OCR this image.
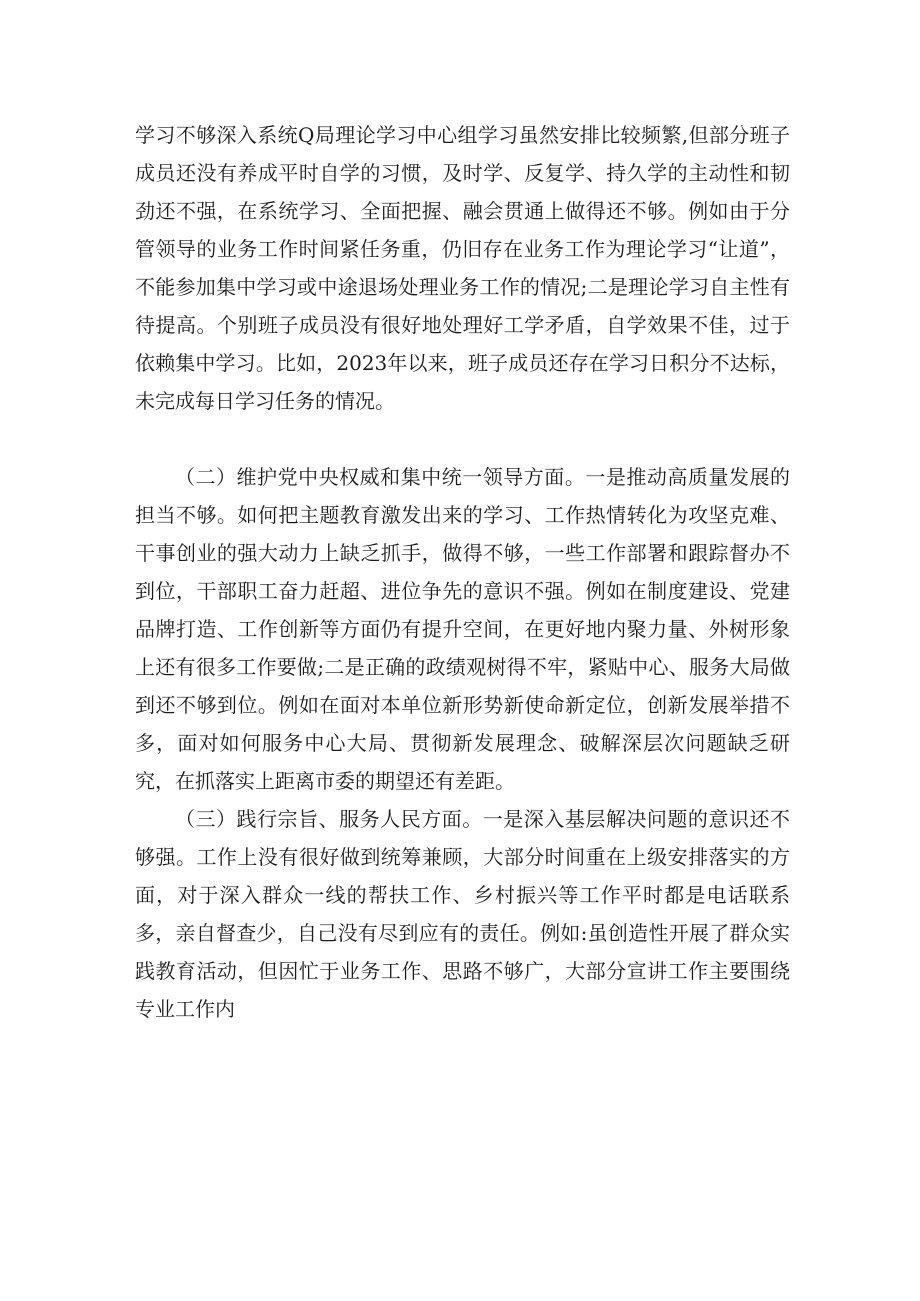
学习不够深入系统Q局理论学习中心组学习虽然安排比较频繁,但部分班子成员还没有养成平时自学的习惯，及时学、反复学、持久学的主动性和韧劲还不强，在系统学习、全面把握、融会贯通上做得还不够。例如由于分管领导的业务工作时间紧任务重，仍旧存在业务工作为理论学习“让道”，不能参加集中学习或中途退场处理业务工作的情况;二是理论学习自主性有待提高。个别班子成员没有很好地处理好工学矛盾，自学效果不佳，过于依赖集中学习。比如，2023年以来，班子成员还存在学习日积分不达标，未完成每日学习任务的情况。

（二）维护党中央权威和集中统一领导方面。一是推动高质量发展的担当不够。如何把主题教育激发出来的学习、工作热情转化为攻坚克难、干事创业的强大动力上缺乏抓手，做得不够，一些工作部署和跟踪督办不到位，干部职工奋力赶超、进位争先的意识不强。例如在制度建设、党建品牌打造、工作创新等方面仍有提升空间，在更好地内聚力量、外树形象上还有很多工作要做;二是正确的政绩观树得不牢，紧贴中心、服务大局做到还不够到位。例如在面对本单位新形势新使命新定位，创新发展举措不多，面对如何服务中心大局、贯彻新发展理念、破解深层次问题缺乏研究，在抓落实上距离市委的期望还有差距。

（三）践行宗旨、服务人民方面。一是深入基层解决问题的意识还不够强。工作上没有很好做到统筹兼顾，大部分时间重在上级安排落实的方面，对于深入群众一线的帮扶工作、乡村振兴等工作平时都是电话联系多，亲自督查少，自己没有尽到应有的责任。例如:虽创造性开展了群众实践教育活动，但因忙于业务工作、思路不够广，大部分宣讲工作主要围绕专业工作内
